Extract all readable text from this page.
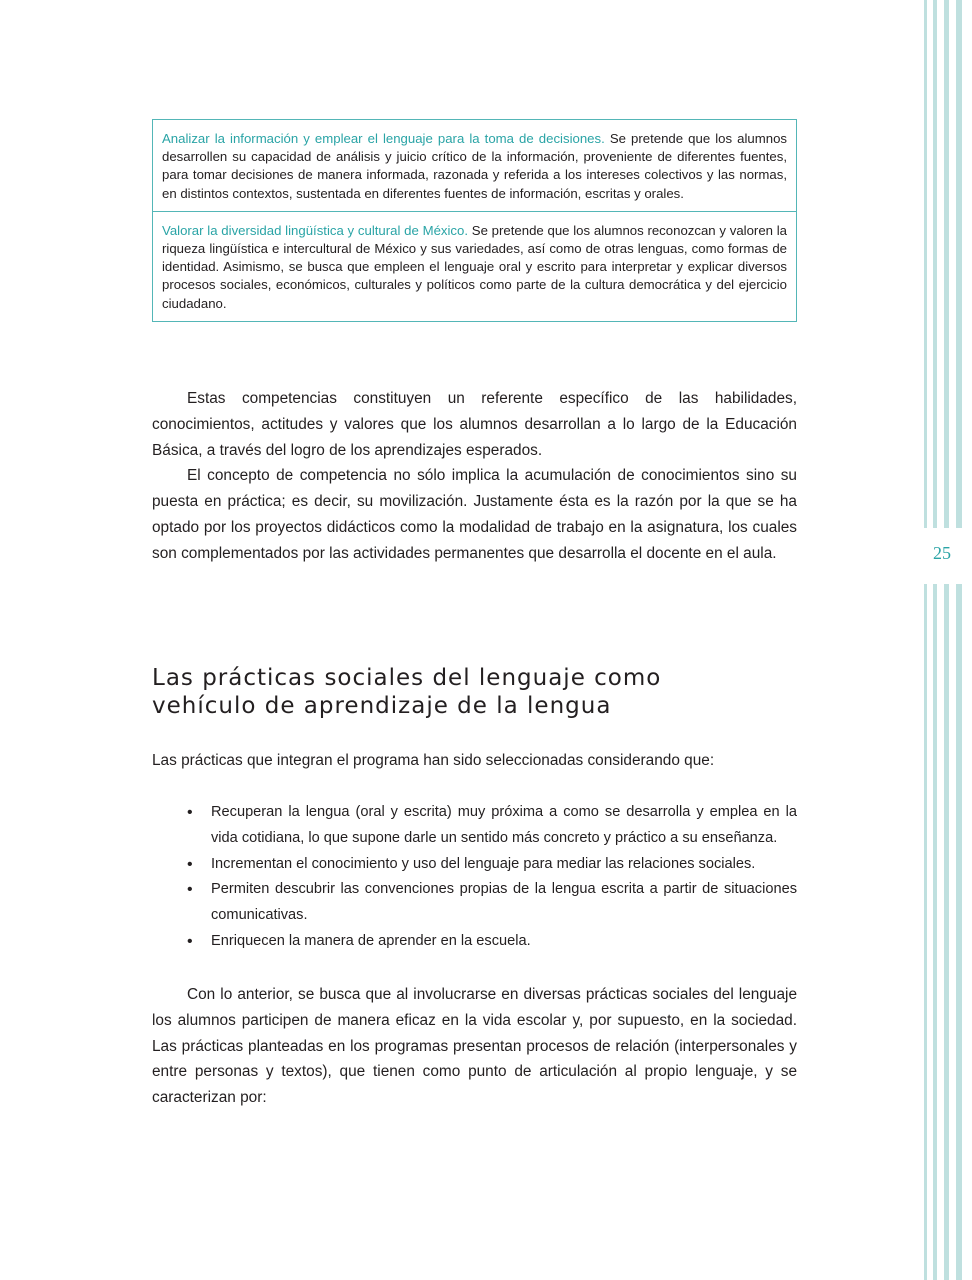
25
Analizar la información y emplear el lenguaje para la toma de decisiones. Se pretende que los alumnos desarrollen su capacidad de análisis y juicio crítico de la información, proveniente de diferentes fuentes, para tomar decisiones de manera informada, razonada y referida a los intereses colectivos y las normas, en distintos contextos, sustentada en diferentes fuentes de información, escritas y orales.
Valorar la diversidad lingüística y cultural de México. Se pretende que los alumnos reconozcan y valoren la riqueza lingüística e intercultural de México y sus variedades, así como de otras lenguas, como formas de identidad. Asimismo, se busca que empleen el lenguaje oral y escrito para interpretar y explicar diversos procesos sociales, económicos, culturales y políticos como parte de la cultura democrática y del ejercicio ciudadano.

Estas competencias constituyen un referente específico de las habilidades, conocimientos, actitudes y valores que los alumnos desarrollan a lo largo de la Educación Básica, a través del logro de los aprendizajes esperados.

El concepto de competencia no sólo implica la acumulación de conocimientos sino su puesta en práctica; es decir, su movilización. Justamente ésta es la razón por la que se ha optado por los proyectos didácticos como la modalidad de trabajo en la asignatura, los cuales son complementados por las actividades permanentes que desarrolla el docente en el aula.

Las prácticas sociales del lenguaje como
vehículo de aprendizaje de la lengua

Las prácticas que integran el programa han sido seleccionadas considerando que:

• Recuperan la lengua (oral y escrita) muy próxima a como se desarrolla y emplea en la vida cotidiana, lo que supone darle un sentido más concreto y práctico a su enseñanza.
• Incrementan el conocimiento y uso del lenguaje para mediar las relaciones sociales.
• Permiten descubrir las convenciones propias de la lengua escrita a partir de situaciones comunicativas.
• Enriquecen la manera de aprender en la escuela.

Con lo anterior, se busca que al involucrarse en diversas prácticas sociales del lenguaje los alumnos participen de manera eficaz en la vida escolar y, por supuesto, en la sociedad. Las prácticas planteadas en los programas presentan procesos de relación (interpersonales y entre personas y textos), que tienen como punto de articulación al propio lenguaje, y se caracterizan por:
